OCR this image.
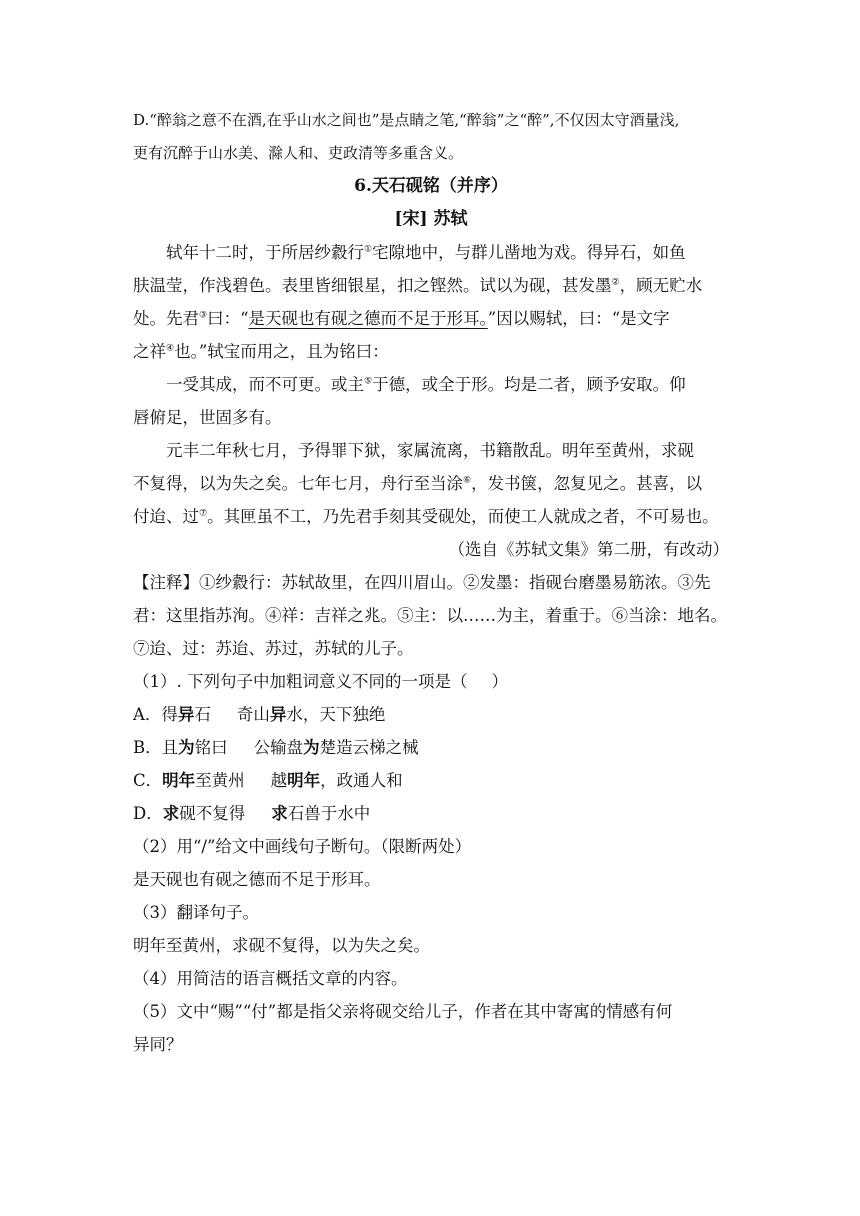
D.“醉翁之意不在酒,在乎山水之间也”是点睛之笔,“醉翁”之“醉”,不仅因太守酒量浅,
更有沉醉于山水美、滁人和、吏政清等多重含义。
6.天石砚铭（并序）
[宋] 苏轼
轼年十二时，于所居纱縠行①宅隙地中，与群儿凿地为戏。得异石，如鱼
肤温莹，作浅碧色。表里皆细银星，扣之铿然。试以为砚，甚发墨②，顾无贮水
处。先君③曰：“是天砚也有砚之德而不足于形耳。”因以赐轼，曰：“是文字
之祥④也。”轼宝而用之，且为铭曰：
一受其成，而不可更。或主⑤于德，或全于形。均是二者，顾予安取。仰
唇俯足，世固多有。
元丰二年秋七月，予得罪下狱，家属流离，书籍散乱。明年至黄州，求砚
不复得，以为失之矣。七年七月，舟行至当涂⑥，发书箧，忽复见之。甚喜，以
付迨、过⑦。其匣虽不工，乃先君手刻其受砚处，而使工人就成之者，不可易也。
（选自《苏轼文集》第二册，有改动）
【注释】①纱縠行：苏轼故里，在四川眉山。②发墨：指砚台磨墨易筋浓。③先
君：这里指苏洵。④祥：吉祥之兆。⑤主：以……为主，着重于。⑥当涂：地名。
⑦迨、过：苏迨、苏过，苏轼的儿子。
（1）. 下列句子中加粗词意义不同的一项是（ ）
A．得异石 奇山异水，天下独绝
B．且为铭曰 公输盘为楚造云梯之械
C．明年至黄州 越明年，政通人和
D．求砚不复得 求石兽于水中
（2）用“/”给文中画线句子断句。（限断两处）
是天砚也有砚之德而不足于形耳。
（3）翻译句子。
明年至黄州，求砚不复得，以为失之矣。
（4）用简洁的语言概括文章的内容。
（5）文中“赐”“付”都是指父亲将砚交给儿子，作者在其中寄寓的情感有何
异同？
